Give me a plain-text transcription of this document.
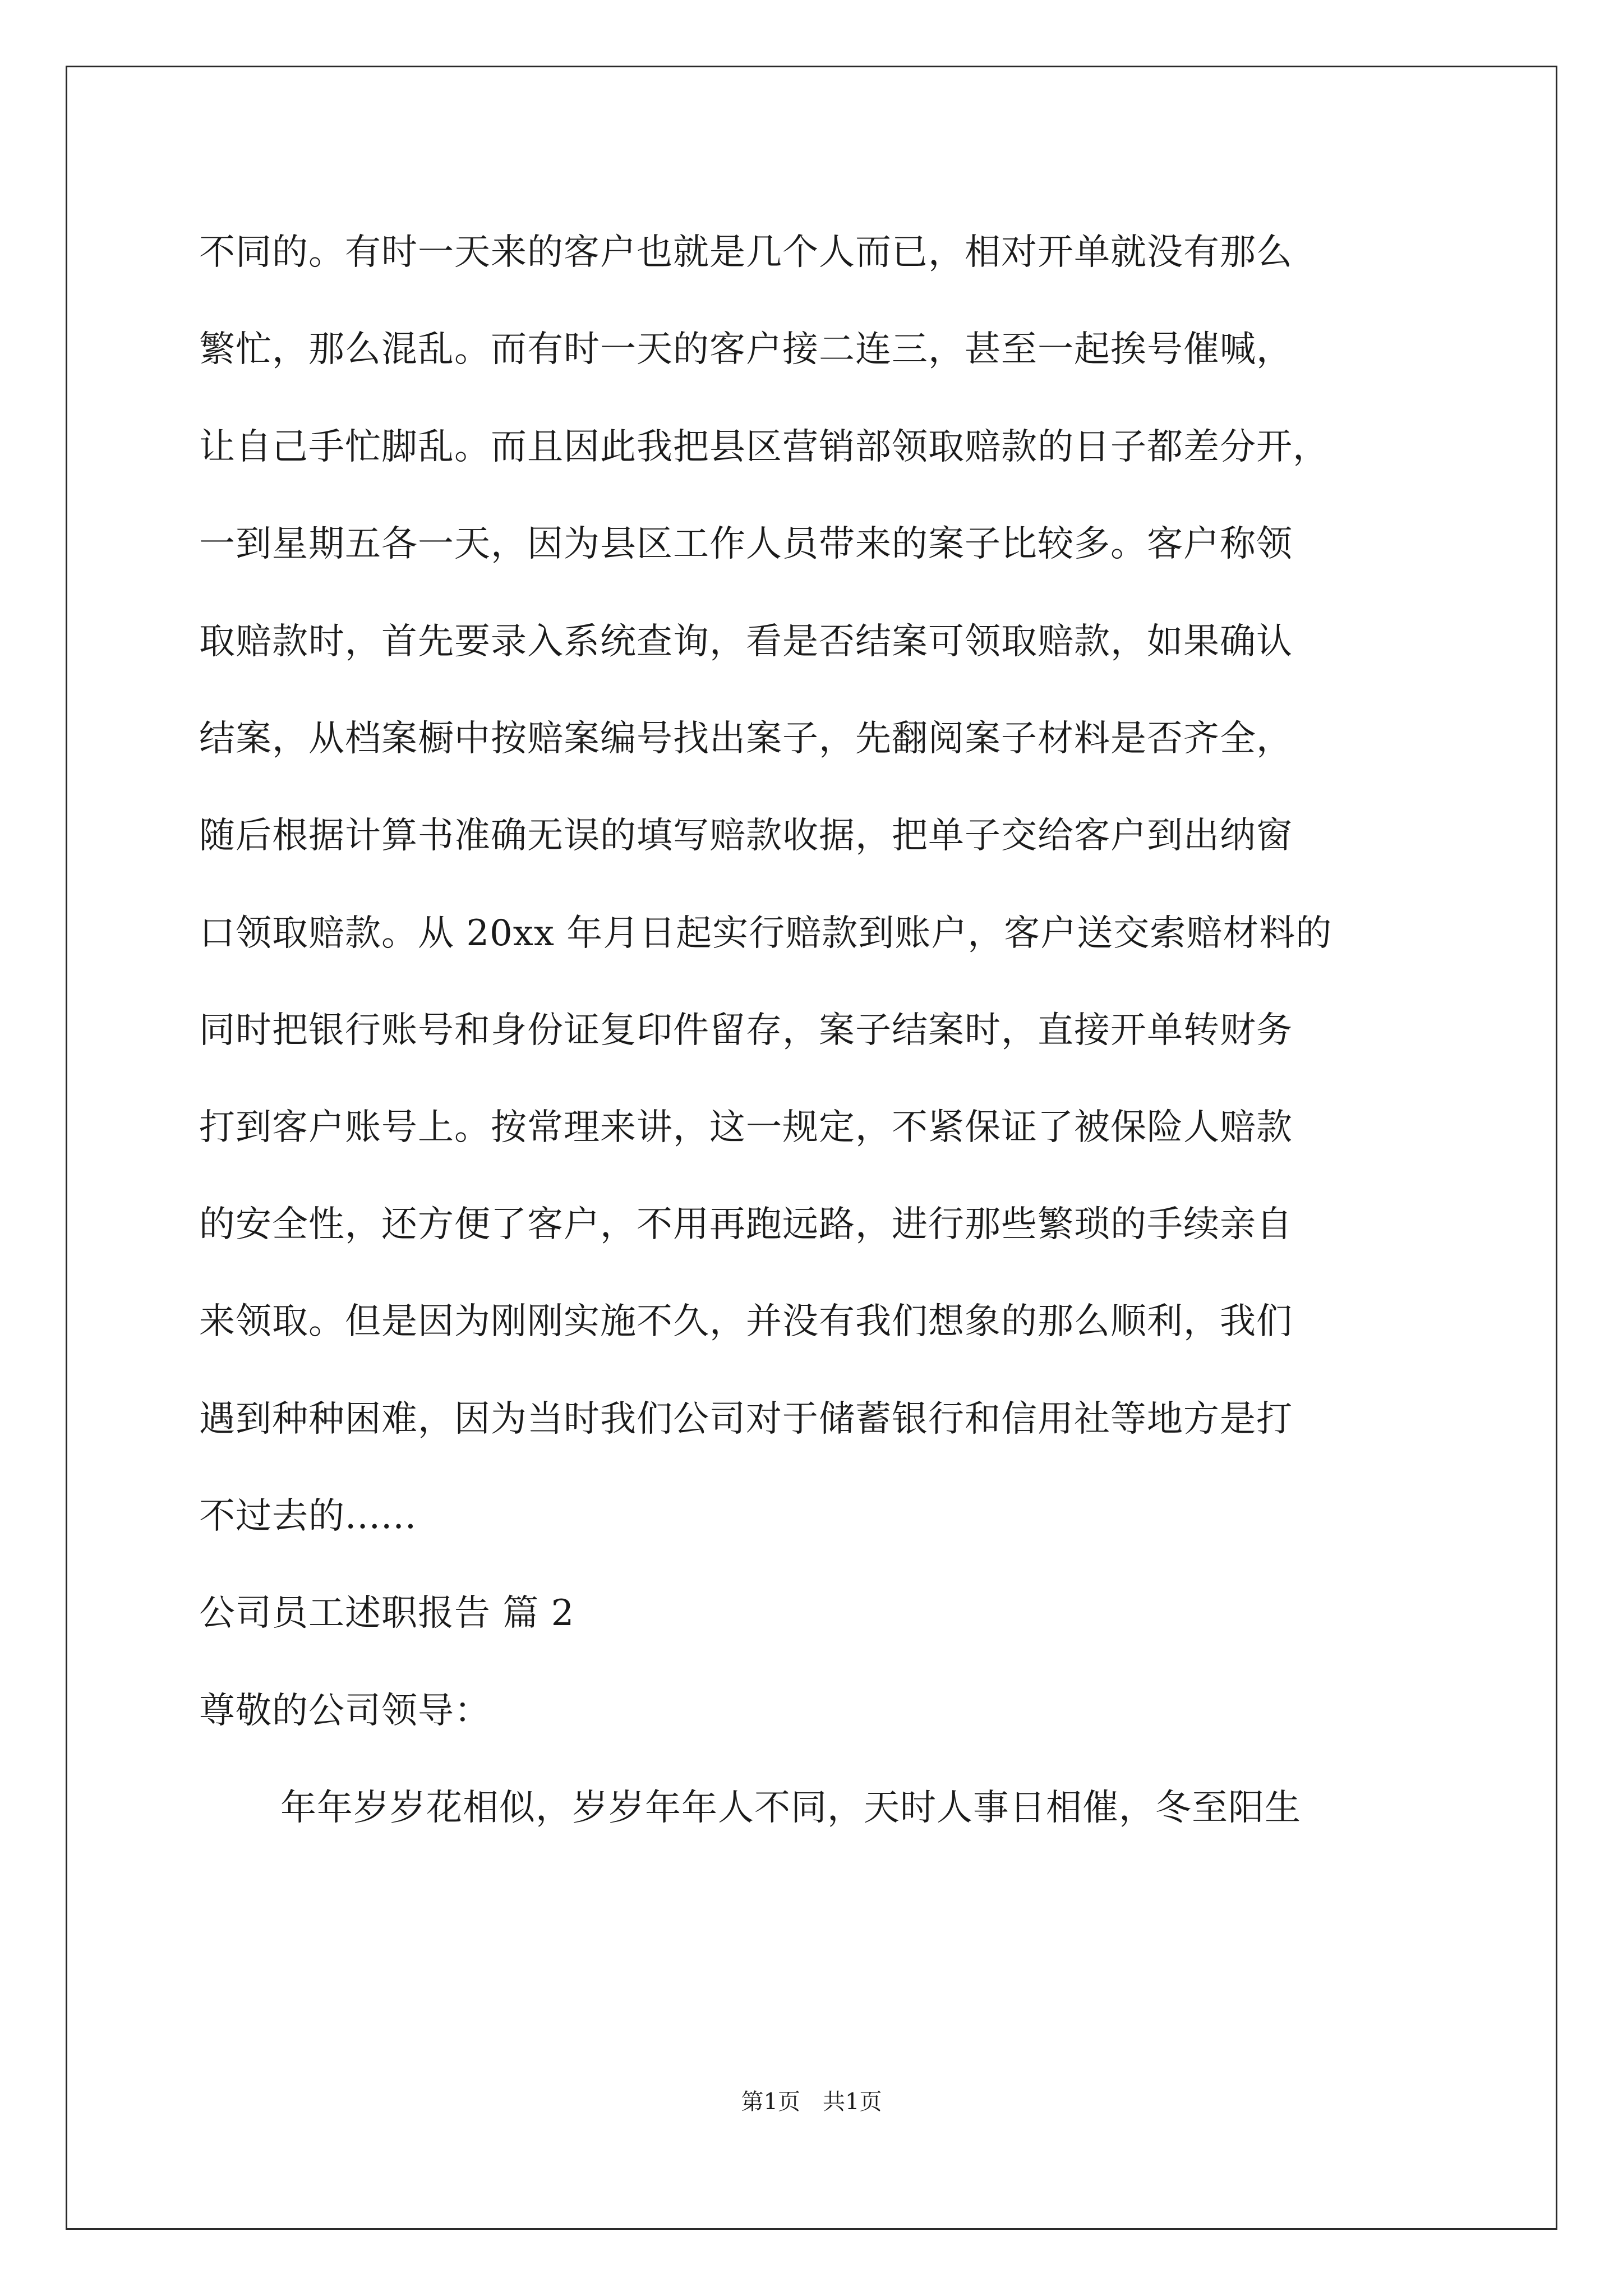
不同的。有时一天来的客户也就是几个人而已，相对开单就没有那么
繁忙，那么混乱。而有时一天的客户接二连三，甚至一起挨号催喊，
让自己手忙脚乱。而且因此我把县区营销部领取赔款的日子都差分开，
一到星期五各一天，因为县区工作人员带来的案子比较多。客户称领
取赔款时，首先要录入系统查询，看是否结案可领取赔款，如果确认
结案，从档案橱中按赔案编号找出案子，先翻阅案子材料是否齐全，
随后根据计算书准确无误的填写赔款收据，把单子交给客户到出纳窗
口领取赔款。从 20xx 年月日起实行赔款到账户，客户送交索赔材料的
同时把银行账号和身份证复印件留存，案子结案时，直接开单转财务
打到客户账号上。按常理来讲，这一规定，不紧保证了被保险人赔款
的安全性，还方便了客户，不用再跑远路，进行那些繁琐的手续亲自
来领取。但是因为刚刚实施不久，并没有我们想象的那么顺利，我们
遇到种种困难，因为当时我们公司对于储蓄银行和信用社等地方是打
不过去的......
公司员工述职报告 篇 2
尊敬的公司领导：
年年岁岁花相似，岁岁年年人不同，天时人事日相催，冬至阳生
第1页　共1页
